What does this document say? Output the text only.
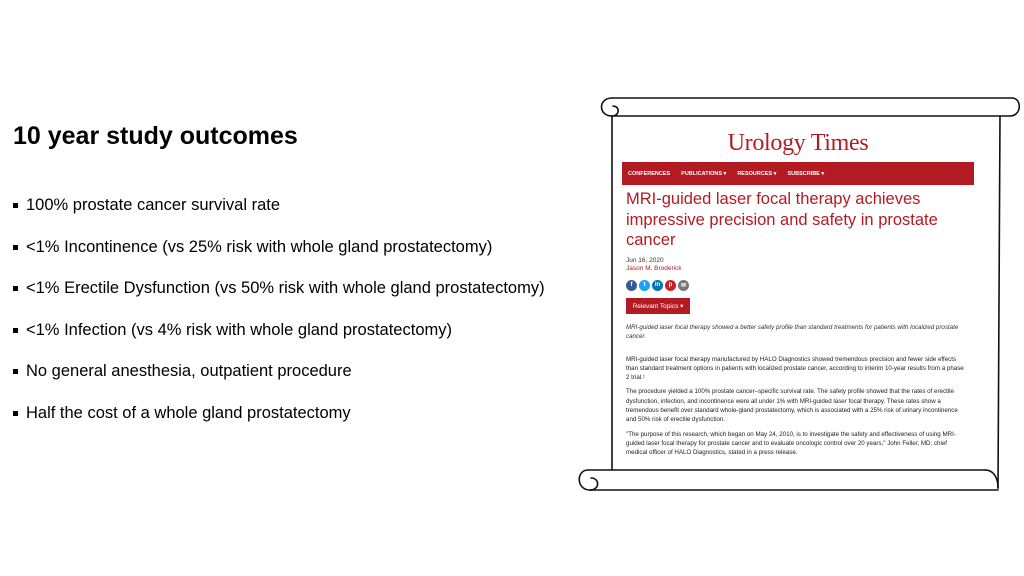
10 year study outcomes
100% prostate cancer survival rate
<1% Incontinence (vs 25% risk with whole gland prostatectomy)
<1% Erectile Dysfunction (vs 50% risk with whole gland prostatectomy)
<1% Infection (vs 4% risk with whole gland prostatectomy)
No general anesthesia, outpatient procedure
Half the cost of a whole gland prostatectomy
Urology Times
CONFERENCES PUBLICATIONS ▾ RESOURCES ▾ SUBSCRIBE ▾
MRI-guided laser focal therapy achieves impressive precision and safety in prostate cancer
Jun 16, 2020
Jason M. Broderick
f	t	in	p	✉
Relevant Topics ▾
MRI-guided laser focal therapy showed a better safety profile than standard treatments for patients with localized prostate cancer.
MRI-guided laser focal therapy manufactured by HALO Diagnostics showed tremendous precision and fewer side effects than standard treatment options in patients with localized prostate cancer, according to interim 10-year results from a phase 2 trial.¹
The procedure yielded a 100% prostate cancer–specific survival rate. The safety profile showed that the rates of erectile dysfunction, infection, and incontinence were all under 1% with MRI-guided laser focal therapy. These rates show a tremendous benefit over standard whole-gland prostatectomy, which is associated with a 25% risk of urinary incontinence and 50% risk of erectile dysfunction.
"The purpose of this research, which began on May 24, 2010, is to investigate the safety and effectiveness of using MRI-guided laser focal therapy for prostate cancer and to evaluate oncologic control over 20 years," John Feller, MD, chief medical officer of HALO Diagnostics, stated in a press release.
